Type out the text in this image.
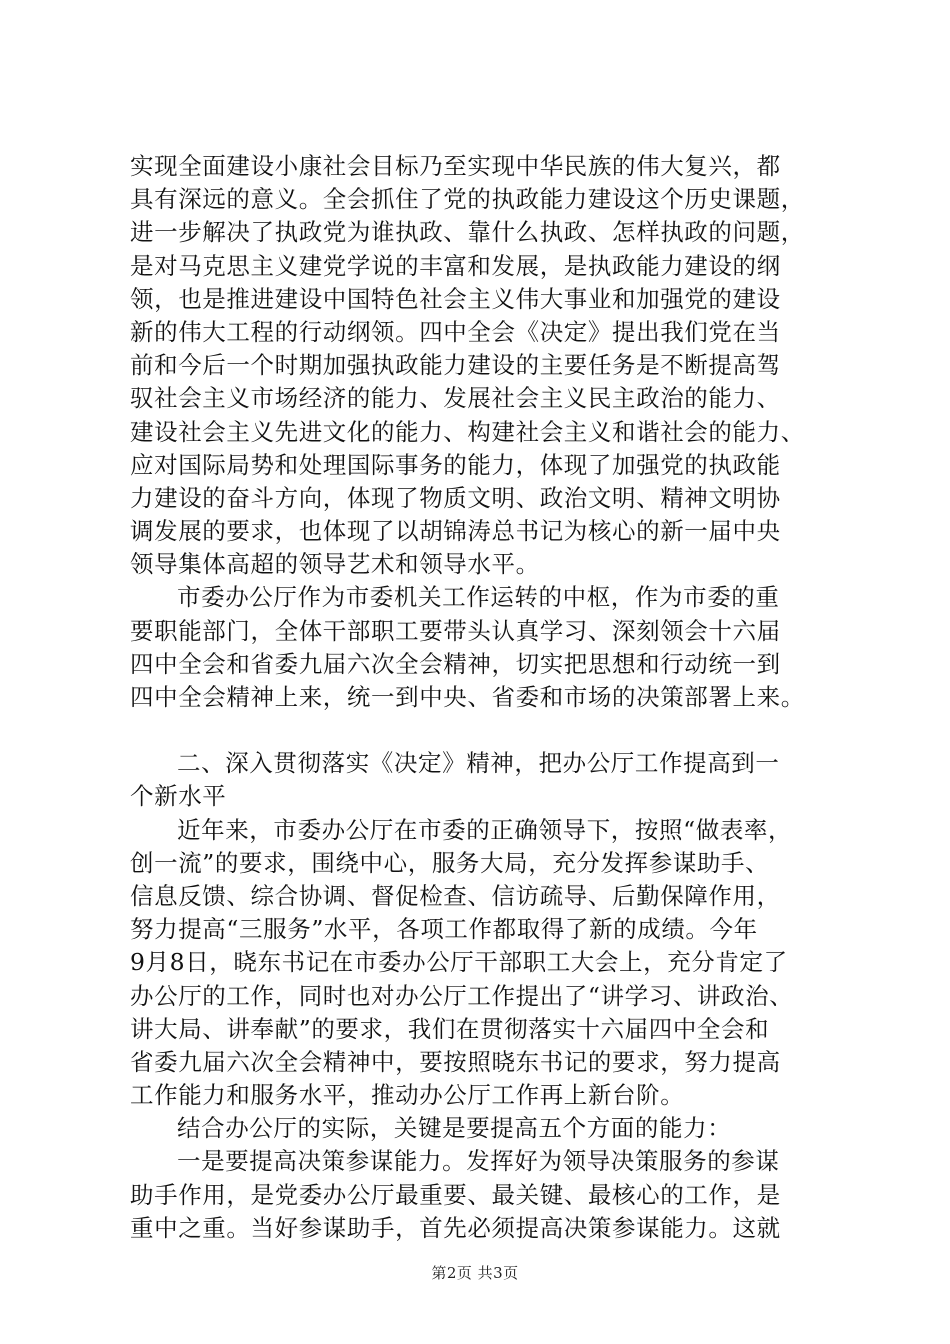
实现全面建设小康社会目标乃至实现中华民族的伟大复兴，都
具有深远的意义。全会抓住了党的执政能力建设这个历史课题，
进一步解决了执政党为谁执政、靠什么执政、怎样执政的问题，
是对马克思主义建党学说的丰富和发展，是执政能力建设的纲
领，也是推进建设中国特色社会主义伟大事业和加强党的建设
新的伟大工程的行动纲领。四中全会《决定》提出我们党在当
前和今后一个时期加强执政能力建设的主要任务是不断提高驾
驭社会主义市场经济的能力、发展社会主义民主政治的能力、
建设社会主义先进文化的能力、构建社会主义和谐社会的能力、
应对国际局势和处理国际事务的能力，体现了加强党的执政能
力建设的奋斗方向，体现了物质文明、政治文明、精神文明协
调发展的要求，也体现了以胡锦涛总书记为核心的新一届中央
领导集体高超的领导艺术和领导水平。
市委办公厅作为市委机关工作运转的中枢，作为市委的重
要职能部门，全体干部职工要带头认真学习、深刻领会十六届
四中全会和省委九届六次全会精神，切实把思想和行动统一到
四中全会精神上来，统一到中央、省委和市场的决策部署上来。
二、深入贯彻落实《决定》精神，把办公厅工作提高到一
个新水平
近年来，市委办公厅在市委的正确领导下，按照“做表率，
创一流”的要求，围绕中心，服务大局，充分发挥参谋助手、
信息反馈、综合协调、督促检查、信访疏导、后勤保障作用，
努力提高“三服务”水平，各项工作都取得了新的成绩。今年
9月8日，晓东书记在市委办公厅干部职工大会上，充分肯定了
办公厅的工作，同时也对办公厅工作提出了“讲学习、讲政治、
讲大局、讲奉献”的要求，我们在贯彻落实十六届四中全会和
省委九届六次全会精神中，要按照晓东书记的要求，努力提高
工作能力和服务水平，推动办公厅工作再上新台阶。
结合办公厅的实际，关键是要提高五个方面的能力：
一是要提高决策参谋能力。发挥好为领导决策服务的参谋
助手作用，是党委办公厅最重要、最关键、最核心的工作，是
重中之重。当好参谋助手，首先必须提高决策参谋能力。这就
第2页 共3页
